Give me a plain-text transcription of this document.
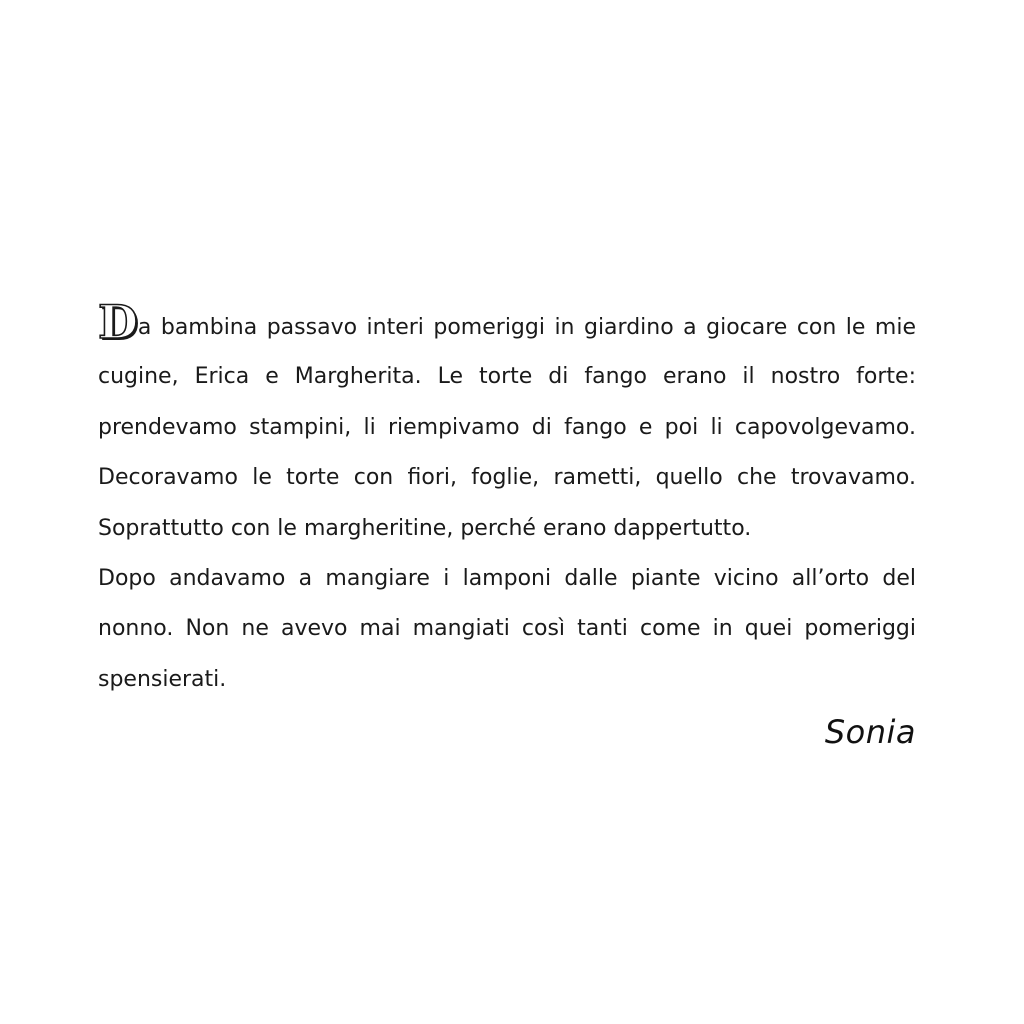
Da bambina passavo interi pomeriggi in giardino a giocare con le mie
cugine, Erica e Margherita. Le torte di fango erano il nostro forte:
prendevamo stampini, li riempivamo di fango e poi li capovolgevamo.
Decoravamo le torte con fiori, foglie, rametti, quello che trovavamo.
Soprattutto con le margheritine, perché erano dappertutto.
Dopo andavamo a mangiare i lamponi dalle piante vicino all’orto del
nonno. Non ne avevo mai mangiati così tanti come in quei pomeriggi
spensierati.
Sonia
